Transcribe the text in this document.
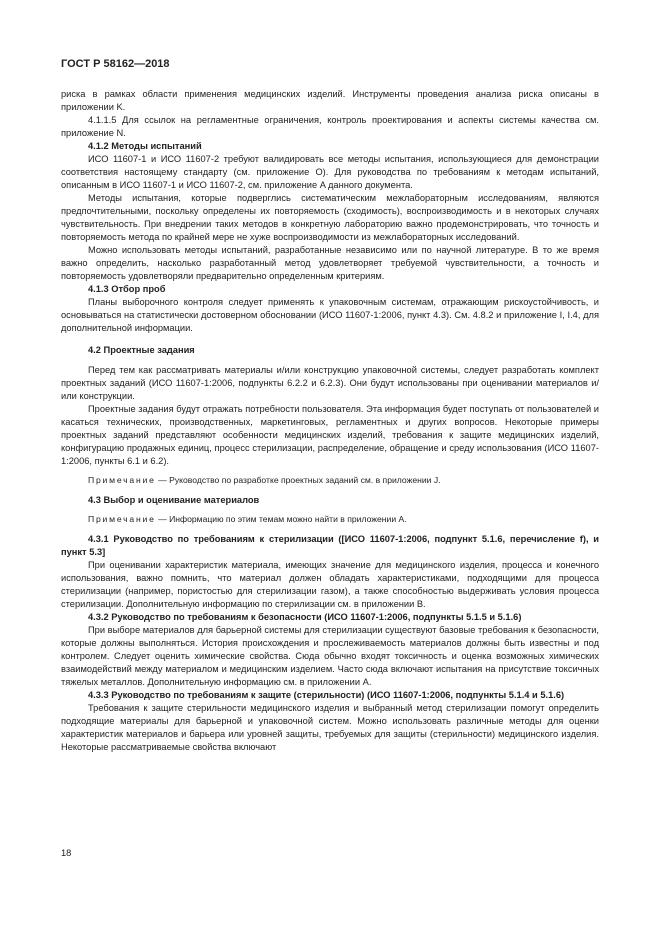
ГОСТ Р 58162—2018

риска в рамках области применения медицинских изделий. Инструменты проведения анализа риска описаны в приложении K.

4.1.1.5 Для ссылок на регламентные ограничения, контроль проектирования и аспекты системы качества см. приложение N.

4.1.2 Методы испытаний

ИСО 11607-1 и ИСО 11607-2 требуют валидировать все методы испытания, использующиеся для демонстрации соответствия настоящему стандарту (см. приложение O). Для руководства по требованиям к методам испытаний, описанным в ИСО 11607-1 и ИСО 11607-2, см. приложение A данного документа.

Методы испытания, которые подверглись систематическим межлабораторным исследованиям, являются предпочтительными, поскольку определены их повторяемость (сходимость), воспроизводимость и в некоторых случаях чувствительность. При внедрении таких методов в конкретную лабораторию важно продемонстрировать, что точность и повторяемость метода по крайней мере не хуже воспроизводимости из межлабораторных исследований.

Можно использовать методы испытаний, разработанные независимо или по научной литературе. В то же время важно определить, насколько разработанный метод удовлетворяет требуемой чувствительности, а точность и повторяемость удовлетворяли предварительно определенным критериям.

4.1.3 Отбор проб

Планы выборочного контроля следует применять к упаковочным системам, отражающим рискоустойчивость, и основываться на статистически достоверном обосновании (ИСО 11607-1:2006, пункт 4.3). См. 4.8.2 и приложение I, I.4, для дополнительной информации.

4.2 Проектные задания

Перед тем как рассматривать материалы и/или конструкцию упаковочной системы, следует разработать комплект проектных заданий (ИСО 11607-1:2006, подпункты 6.2.2 и 6.2.3). Они будут использованы при оценивании материалов и/или конструкции.

Проектные задания будут отражать потребности пользователя. Эта информация будет поступать от пользователей и касаться технических, производственных, маркетинговых, регламентных и других вопросов. Некоторые примеры проектных заданий представляют особенности медицинских изделий, требования к защите медицинских изделий, конфигурацию продажных единиц, процесс стерилизации, распределение, обращение и среду использования (ИСО 11607-1:2006, пункты 6.1 и 6.2).

Примечание — Руководство по разработке проектных заданий см. в приложении J.

4.3 Выбор и оценивание материалов

Примечание — Информацию по этим темам можно найти в приложении A.

4.3.1 Руководство по требованиям к стерилизации ([ИСО 11607-1:2006, подпункт 5.1.6, перечисление f), и пункт 5.3]

При оценивании характеристик материала, имеющих значение для медицинского изделия, процесса и конечного использования, важно помнить, что материал должен обладать характеристиками, подходящими для процесса стерилизации (например, пористостью для стерилизации газом), а также способностью выдерживать условия процесса стерилизации. Дополнительную информацию по стерилизации см. в приложении B.

4.3.2 Руководство по требованиям к безопасности (ИСО 11607-1:2006, подпункты 5.1.5 и 5.1.6)

При выборе материалов для барьерной системы для стерилизации существуют базовые требования к безопасности, которые должны выполняться. История происхождения и прослеживаемость материалов должны быть известны и под контролем. Следует оценить химические свойства. Сюда обычно входят токсичность и оценка возможных химических взаимодействий между материалом и медицинским изделием. Часто сюда включают испытания на присутствие токсичных тяжелых металлов. Дополнительную информацию см. в приложении A.

4.3.3 Руководство по требованиям к защите (стерильности) (ИСО 11607-1:2006, подпункты 5.1.4 и 5.1.6)

Требования к защите стерильности медицинского изделия и выбранный метод стерилизации помогут определить подходящие материалы для барьерной и упаковочной систем. Можно использовать различные методы для оценки характеристик материалов и барьера или уровней защиты, требуемых для защиты (стерильности) медицинского изделия. Некоторые рассматриваемые свойства включают

18
